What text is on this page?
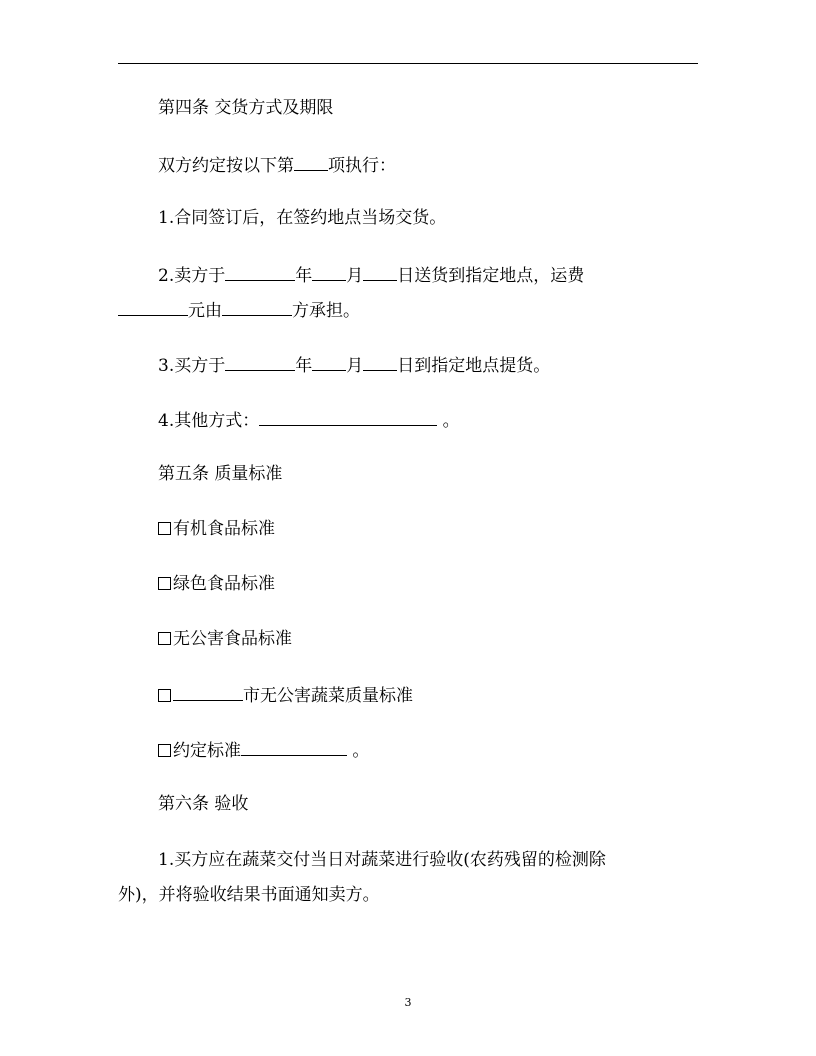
第四条 交货方式及期限
双方约定按以下第 项执行：
1.合同签订后，在签约地点当场交货。
2.卖方于	年 月 日送货到指定地点，运费
元由	方承担。
3.买方于	年 月 日到指定地点提货。
4.其他方式：	。
第五条 质量标准
有机食品标准
绿色食品标准
无公害食品标准
市无公害蔬菜质量标准
约定标准	。
第六条 验收
1.买方应在蔬菜交付当日对蔬菜进行验收(农药残留的检测除
外)，并将验收结果书面通知卖方。
3
